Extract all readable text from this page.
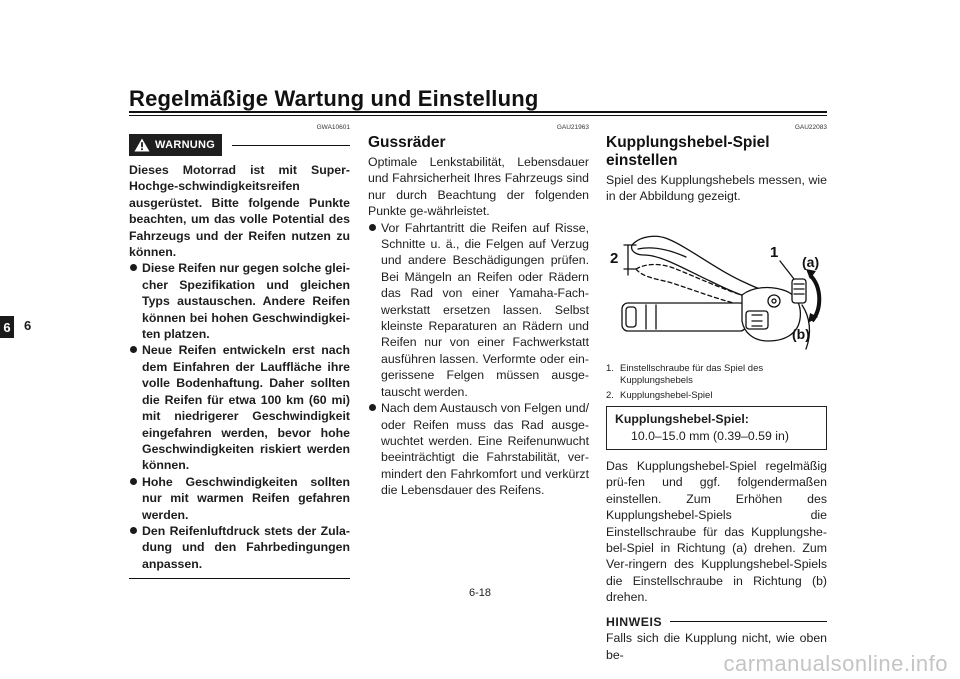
Regelmäßige Wartung und Einstellung
6 6
GWA10601
WARNUNG
Dieses Motorrad ist mit Super-Hochge-schwindigkeitsreifen ausgerüstet. Bitte folgende Punkte beachten, um das volle Potential des Fahrzeugs und der Reifen nutzen zu können.
Diese Reifen nur gegen solche glei-cher Spezifikation und gleichen Typs austauschen. Andere Reifen können bei hohen Geschwindigkei-ten platzen.
Neue Reifen entwickeln erst nach dem Einfahren der Lauffläche ihre volle Bodenhaftung. Daher sollten die Reifen für etwa 100 km (60 mi) mit niedrigerer Geschwindigkeit eingefahren werden, bevor hohe Geschwindigkeiten riskiert werden können.
Hohe Geschwindigkeiten sollten nur mit warmen Reifen gefahren werden.
Den Reifenluftdruck stets der Zula-dung und den Fahrbedingungen anpassen.
GAU21963
Gussräder

Optimale Lenkstabilität, Lebensdauer und Fahrsicherheit Ihres Fahrzeugs sind nur durch Beachtung der folgenden Punkte ge-währleistet.

Vor Fahrtantritt die Reifen auf Risse, Schnitte u. ä., die Felgen auf Verzug und andere Beschädigungen prüfen. Bei Mängeln an Reifen oder Rädern das Rad von einer Yamaha-Fach-werkstatt ersetzen lassen. Selbst kleinste Reparaturen an Rädern und Reifen nur von einer Fachwerkstatt ausführen lassen. Verformte oder ein-gerissene Felgen müssen ausge-tauscht werden.
Nach dem Austausch von Felgen und/ oder Reifen muss das Rad ausge-wuchtet werden. Eine Reifenunwucht beeinträchtigt die Fahrstabilität, ver-mindert den Fahrkomfort und verkürzt die Lebensdauer des Reifens.
GAU22083
Kupplungshebel-Spiel einstellen

Spiel des Kupplungshebels messen, wie in der Abbildung gezeigt.

2	1
(a)
(b)
1. Einstellschraube für das Spiel des Kupplungshebels
2. Kupplungshebel-Spiel
Kupplungshebel-Spiel:
10.0–15.0 mm (0.39–0.59 in)

Das Kupplungshebel-Spiel regelmäßig prü-fen und ggf. folgendermaßen einstellen. Zum Erhöhen des Kupplungshebel-Spiels die Einstellschraube für das Kupplungshe-bel-Spiel in Richtung (a) drehen. Zum Ver-ringern des Kupplungshebel-Spiels die Einstellschraube in Richtung (b) drehen.

HINWEIS

Falls sich die Kupplung nicht, wie oben be-

6-18
carmanualsonline.info
